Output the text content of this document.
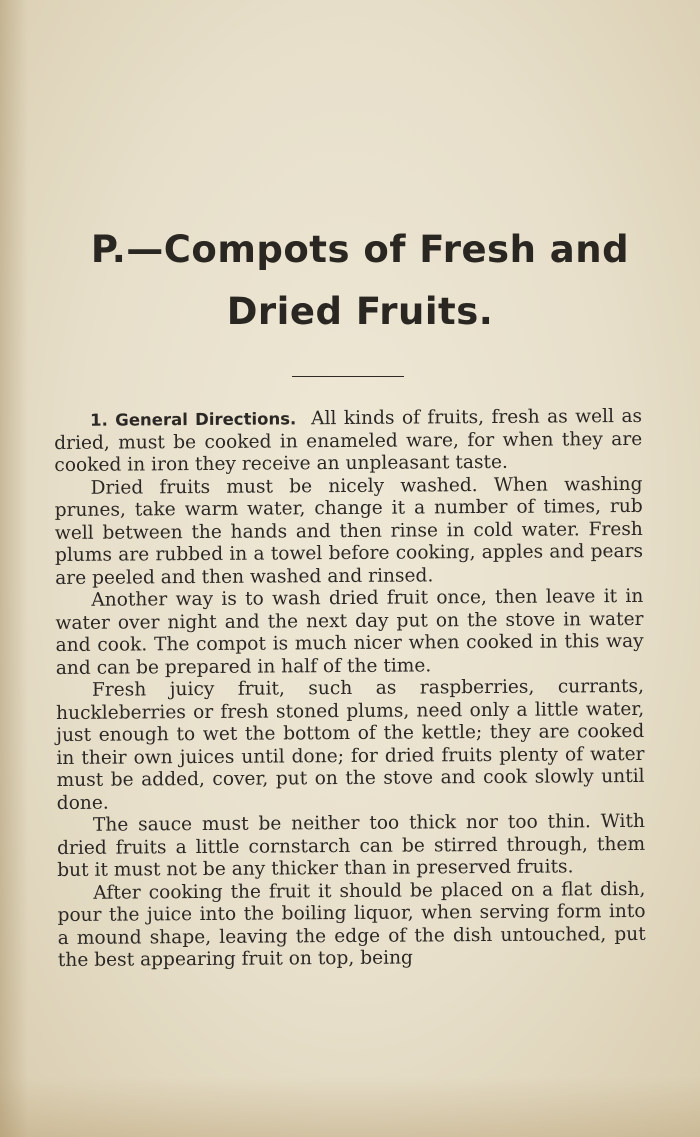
P.—Compots of Fresh and
Dried Fruits.

1. General Directions. All kinds of fruits, fresh as well as dried, must be cooked in enameled ware, for when they are cooked in iron they receive an unpleasant taste.

Dried fruits must be nicely washed. When washing prunes, take warm water, change it a number of times, rub well between the hands and then rinse in cold water. Fresh plums are rubbed in a towel before cooking, apples and pears are peeled and then washed and rinsed.

Another way is to wash dried fruit once, then leave it in water over night and the next day put on the stove in water and cook. The compot is much nicer when cooked in this way and can be prepared in half of the time.

Fresh juicy fruit, such as raspberries, currants, huckleberries or fresh stoned plums, need only a little water, just enough to wet the bottom of the kettle; they are cooked in their own juices until done; for dried fruits plenty of water must be added, cover, put on the stove and cook slowly until done.

The sauce must be neither too thick nor too thin. With dried fruits a little cornstarch can be stirred through, them but it must not be any thicker than in preserved fruits.

After cooking the fruit it should be placed on a flat dish, pour the juice into the boiling liquor, when serving form into a mound shape, leaving the edge of the dish untouched, put the best appearing fruit on top, being
